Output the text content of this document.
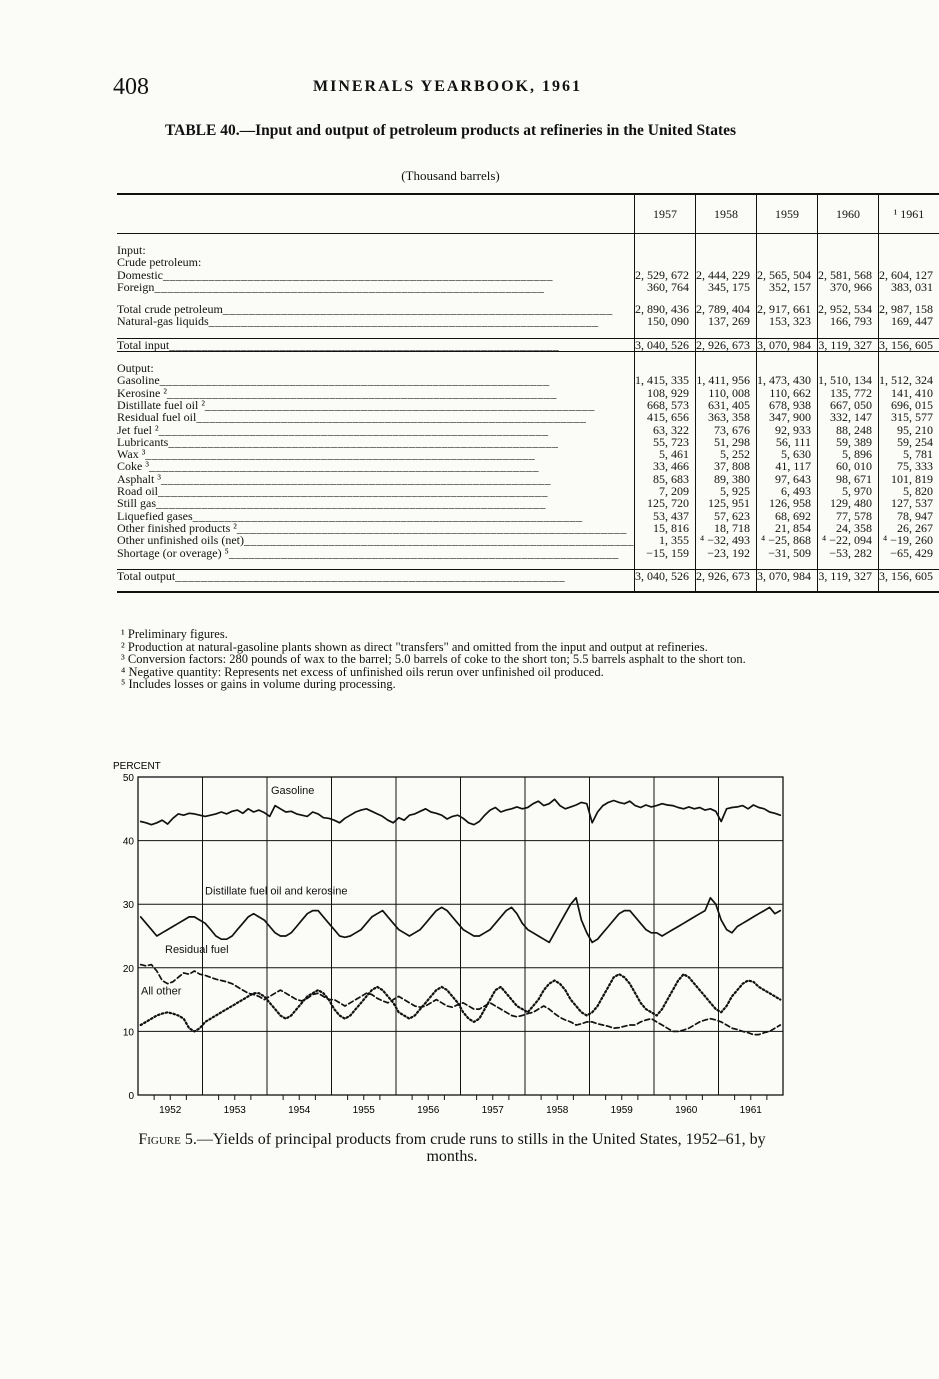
408	MINERALS YEARBOOK, 1961
TABLE 40.—Input and output of petroleum products at refineries in the United States
(Thousand barrels)
	1957	1958	1959	1960	¹ 1961

Input:					
Crude petroleum:					
Domestic____________________________________________________________	2, 529, 672	2, 444, 229	2, 565, 504	2, 581, 568	2, 604, 127
Foreign____________________________________________________________	360, 764	345, 175	352, 157	370, 966	383, 031

Total crude petroleum____________________________________________________________	2, 890, 436	2, 789, 404	2, 917, 661	2, 952, 534	2, 987, 158
Natural-gas liquids____________________________________________________________	150, 090	137, 269	153, 323	166, 793	169, 447

Total input____________________________________________________________	3, 040, 526	2, 926, 673	3, 070, 984	3, 119, 327	3, 156, 605

Output:					
Gasoline____________________________________________________________	1, 415, 335	1, 411, 956	1, 473, 430	1, 510, 134	1, 512, 324
Kerosine ²____________________________________________________________	108, 929	110, 008	110, 662	135, 772	141, 410
Distillate fuel oil ²____________________________________________________________	668, 573	631, 405	678, 938	667, 050	696, 015
Residual fuel oil____________________________________________________________	415, 656	363, 358	347, 900	332, 147	315, 577
Jet fuel ²____________________________________________________________	63, 322	73, 676	92, 933	88, 248	95, 210
Lubricants____________________________________________________________	55, 723	51, 298	56, 111	59, 389	59, 254
Wax ³____________________________________________________________	5, 461	5, 252	5, 630	5, 896	5, 781
Coke ³____________________________________________________________	33, 466	37, 808	41, 117	60, 010	75, 333
Asphalt ³____________________________________________________________	85, 683	89, 380	97, 643	98, 671	101, 819
Road oil____________________________________________________________	7, 209	5, 925	6, 493	5, 970	5, 820
Still gas____________________________________________________________	125, 720	125, 951	126, 958	129, 480	127, 537
Liquefied gases____________________________________________________________	53, 437	57, 623	68, 692	77, 578	78, 947
Other finished products ²____________________________________________________________	15, 816	18, 718	21, 854	24, 358	26, 267
Other unfinished oils (net)____________________________________________________________	1, 355	⁴ −32, 493	⁴ −25, 868	⁴ −22, 094	⁴ −19, 260
Shortage (or overage) ⁵____________________________________________________________	−15, 159	−23, 192	−31, 509	−53, 282	−65, 429

Total output____________________________________________________________	3, 040, 526	2, 926, 673	3, 070, 984	3, 119, 327	3, 156, 605

¹ Preliminary figures.

² Production at natural-gasoline plants shown as direct "transfers" and omitted from the input and output at refineries.

³ Conversion factors: 280 pounds of wax to the barrel; 5.0 barrels of coke to the short ton; 5.5 barrels asphalt to the short ton.

⁴ Negative quantity: Represents net excess of unfinished oils rerun over unfinished oil produced.

⁵ Includes losses or gains in volume during processing.

0
10
20
30
40
50
PERCENT
1952	1953	1954	1955	1956	1957	1958	1959	1960	1961
Gasoline
Distillate fuel oil and kerosine
Residual fuel
All other
Figure 5.—Yields of principal products from crude runs to stills in the United States, 1952–61, by months.
